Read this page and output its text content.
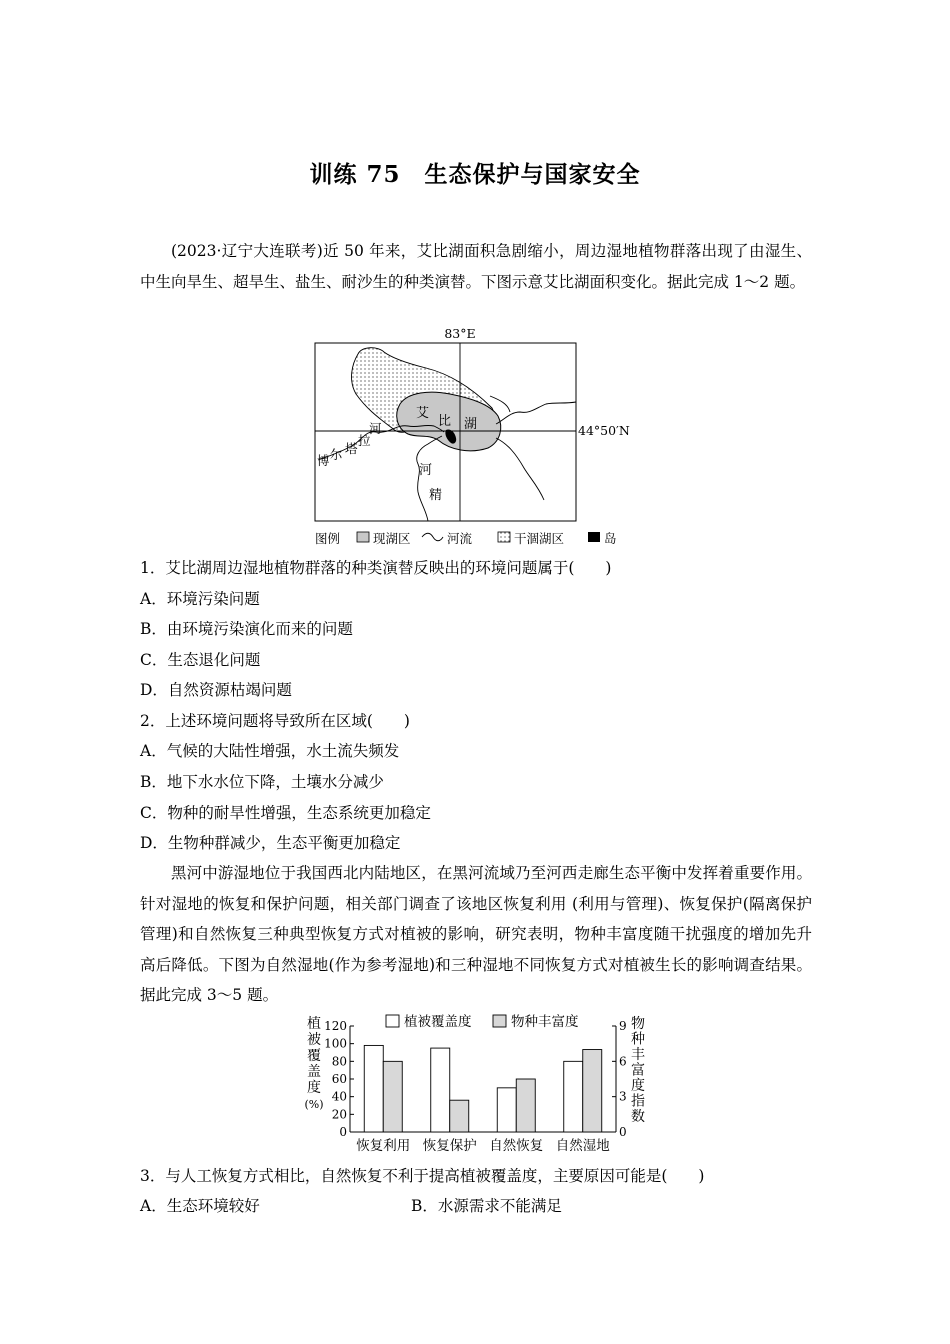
训练 75　生态保护与国家安全

(2023·辽宁大连联考)近 50 年来，艾比湖面积急剧缩小，周边湿地植物群落出现了由湿生、中生向旱生、超旱生、盐生、耐沙生的种类演替。下图示意艾比湖面积变化。据此完成 1～2 题。

83°E
艾
比 湖	44°50′N
博 尔 塔
拉
河
河
精
图例	现湖区	河流	干涸湖区	岛
1．艾比湖周边湿地植物群落的种类演替反映出的环境问题属于(　　)
A．环境污染问题
B．由环境污染演化而来的问题
C．生态退化问题
D．自然资源枯竭问题
2．上述环境问题将导致所在区域(　　)
A．气候的大陆性增强，水土流失频发
B．地下水水位下降，土壤水分减少
C．物种的耐旱性增强，生态系统更加稳定
D．生物种群减少，生态平衡更加稳定

黑河中游湿地位于我国西北内陆地区，在黑河流域乃至河西走廊生态平衡中发挥着重要作用。针对湿地的恢复和保护问题，相关部门调查了该地区恢复利用 (利用与管理)、恢复保护(隔离保护管理)和自然恢复三种典型恢复方式对植被的影响，研究表明，物种丰富度随干扰强度的增加先升高后降低。下图为自然湿地(作为参考湿地)和三种湿地不同恢复方式对植被生长的影响调查结果。据此完成 3～5 题。

0
20
40
60
80
100
120
0
3
6
9
植
被
覆
盖
度
(%)
物
种
丰
富
度
指
数
恢复利用 恢复保护 自然恢复 自然湿地
植被覆盖度	物种丰富度
3．与人工恢复方式相比，自然恢复不利于提高植被覆盖度，主要原因可能是(　　)
A．生态环境较好	B．水源需求不能满足
